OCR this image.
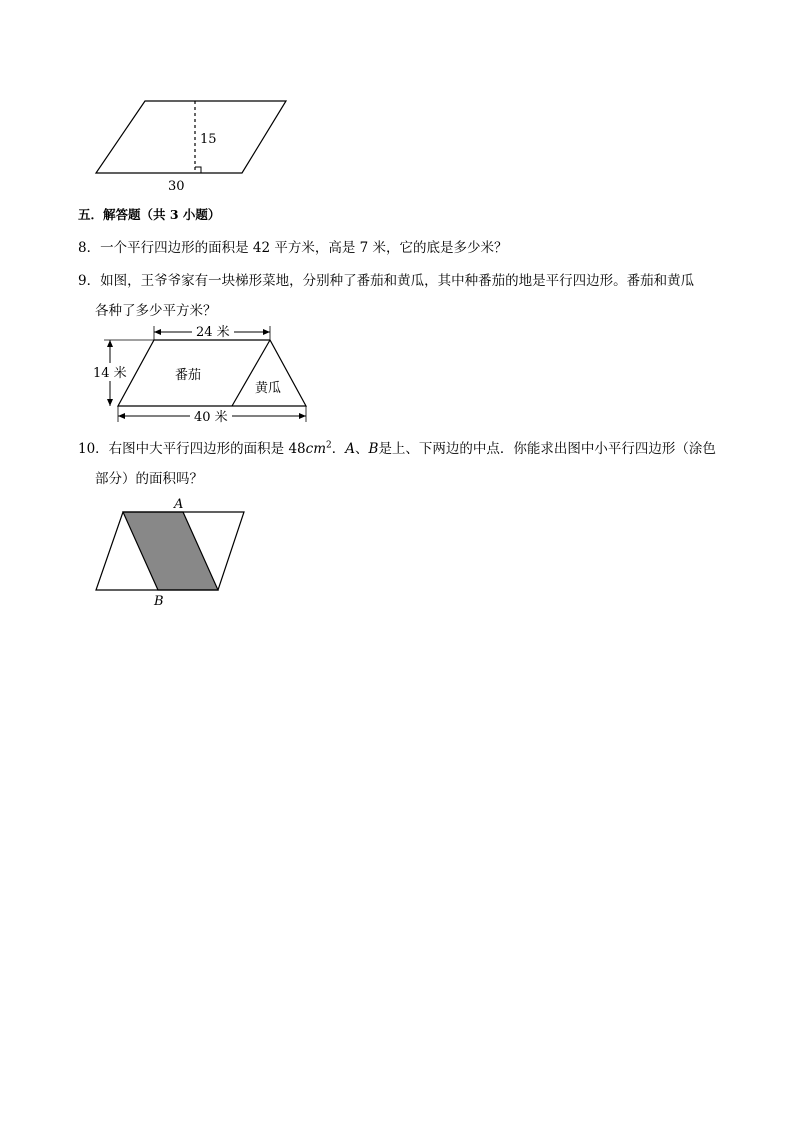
15
30
五．解答题（共 3 小题）
8．一个平行四边形的面积是 42 平方米，高是 7 米，它的底是多少米？
9．如图，王爷爷家有一块梯形菜地，分别种了番茄和黄瓜，其中种番茄的地是平行四边形。番茄和黄瓜
各种了多少平方米？
24 米
14 米
40 米
番茄
黄瓜
10．右图中大平行四边形的面积是 $48cm^2$．A、B是上、下两边的中点．你能求出图中小平行四边形（涂色
部分）的面积吗？
A
B
